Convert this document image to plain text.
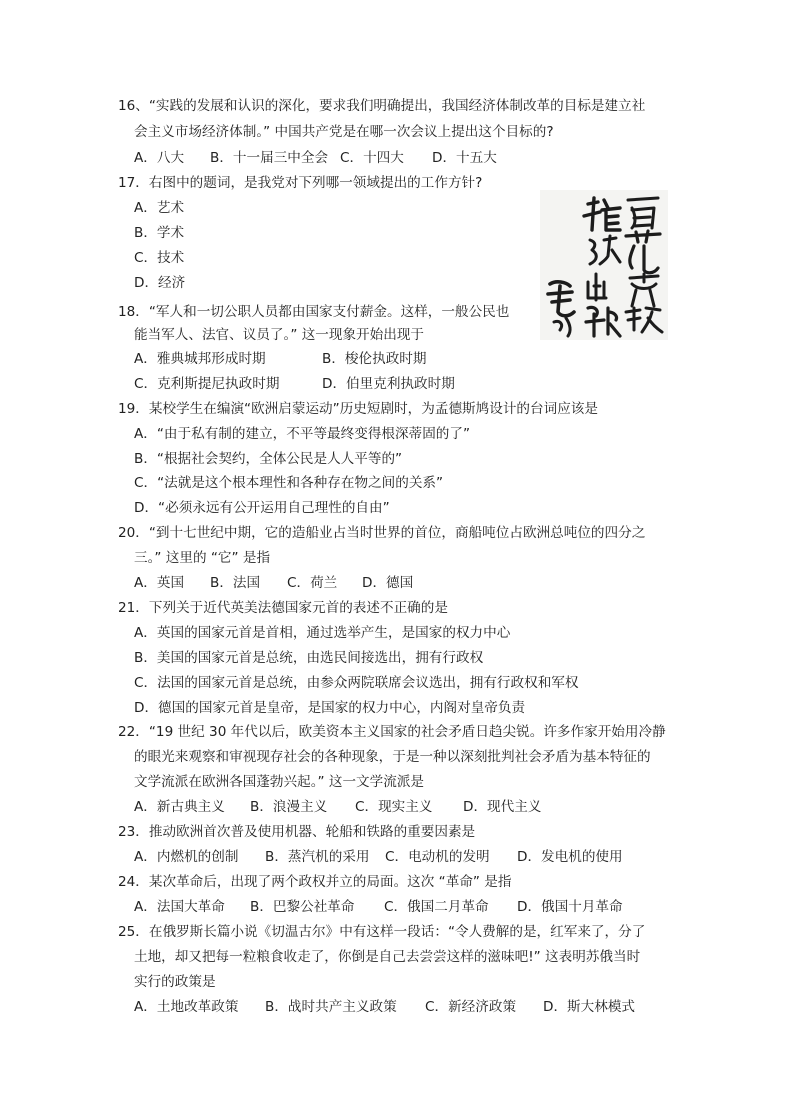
16、“实践的发展和认识的深化，要求我们明确提出，我国经济体制改革的目标是建立社
会主义市场经济体制。” 中国共产党是在哪一次会议上提出这个目标的?
A．八大 B．十一届三中全会 C．十四大 D．十五大
17．右图中的题词，是我党对下列哪一领域提出的工作方针?
A．艺术
B．学术
C．技术
D．经济
18．“军人和一切公职人员都由国家支付薪金。这样，一般公民也
能当军人、法官、议员了。” 这一现象开始出现于
A．雅典城邦形成时期	B．梭伦执政时期
C．克利斯提尼执政时期	D．伯里克利执政时期
19．某校学生在编演“欧洲启蒙运动”历史短剧时，为孟德斯鸠设计的台词应该是
A．“由于私有制的建立，不平等最终变得根深蒂固的了”
B．“根据社会契约，全体公民是人人平等的”
C．“法就是这个根本理性和各种存在物之间的关系”
D．“必须永远有公开运用自己理性的自由”
20．“到十七世纪中期，它的造船业占当时世界的首位，商船吨位占欧洲总吨位的四分之
三。” 这里的 “它” 是指
A．英国 B．法国 C．荷兰 D．德国
21．下列关于近代英美法德国家元首的表述不正确的是
A．英国的国家元首是首相，通过选举产生，是国家的权力中心
B．美国的国家元首是总统，由选民间接选出，拥有行政权
C．法国的国家元首是总统，由参众两院联席会议选出，拥有行政权和军权
D．德国的国家元首是皇帝，是国家的权力中心，内阁对皇帝负责
22．“19 世纪 30 年代以后，欧美资本主义国家的社会矛盾日趋尖锐。许多作家开始用冷静
的眼光来观察和审视现存社会的各种现象，于是一种以深刻批判社会矛盾为基本特征的
文学流派在欧洲各国蓬勃兴起。” 这一文学流派是
A．新古典主义 B．浪漫主义 C．现实主义 D．现代主义
23．推动欧洲首次普及使用机器、轮船和铁路的重要因素是
A．内燃机的创制 B．蒸汽机的采用 C．电动机的发明 D．发电机的使用
24．某次革命后，出现了两个政权并立的局面。这次 “革命” 是指
A．法国大革命 B．巴黎公社革命 C．俄国二月革命 D．俄国十月革命
25．在俄罗斯长篇小说《切温古尔》中有这样一段话：“令人费解的是，红军来了，分了
土地，却又把每一粒粮食收走了，你倒是自己去尝尝这样的滋味吧!” 这表明苏俄当时
实行的政策是
A．土地改革政策 B．战时共产主义政策 C．新经济政策 D．斯大林模式
